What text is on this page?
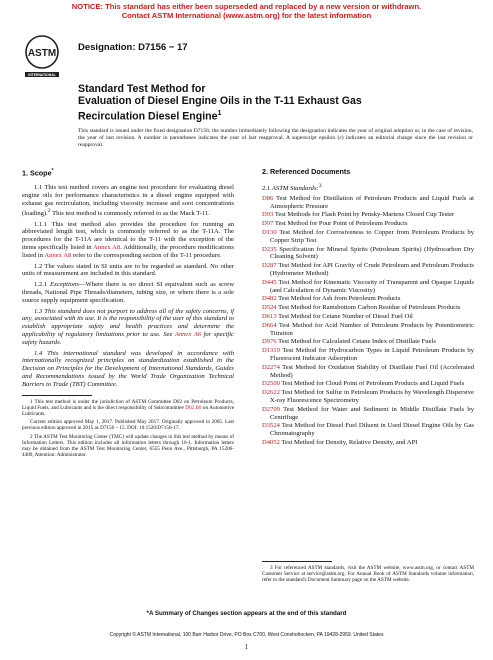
NOTICE: This standard has either been superseded and replaced by a new version or withdrawn.
Contact ASTM International (www.astm.org) for the latest information
ASTM
INTERNATIONAL
Designation: D7156 − 17
Standard Test Method for
Evaluation of Diesel Engine Oils in the T-11 Exhaust Gas
Recirculation Diesel Engine$^1$
This standard is issued under the fixed designation D7156; the number immediately following the designation indicates the year of original adoption or, in the case of revision, the year of last revision. A number in parentheses indicates the year of last reapproval. A superscript epsilon (ε) indicates an editorial change since the last revision or reapproval.
1. Scope*

1.1 This test method covers an engine test procedure for evaluating diesel engine oils for performance characteristics in a diesel engine equipped with exhaust gas recirculation, including viscosity increase and soot concentrations (loading).$^2$ This test method is commonly referred to as the Mack T-11.

1.1.1 This test method also provides the procedure for running an abbreviated length test, which is commonly referred to as the T-11A. The procedures for the T-11A are identical to the T-11 with the exception of the items specifically listed in Annex A8. Additionally, the procedure modifications listed in Annex A8 refer to the corresponding section of the T-11 procedure.

1.2 The values stated in SI units are to be regarded as standard. No other units of measurement are included in this standard.

1.2.1 Exceptions—Where there is no direct SI equivalent such as screw threads, National Pipe Threads/diameters, tubing size, or where there is a sole source supply equipment specification.

1.3 This standard does not purport to address all of the safety concerns, if any, associated with its use. It is the responsibility of the user of this standard to establish appropriate safety and health practices and determine the applicability of regulatory limitations prior to use. See Annex A6 for specific safety hazards.

1.4 This international standard was developed in accordance with internationally recognized principles on standardization established in the Decision on Principles for the Development of International Standards, Guides and Recommendations issued by the World Trade Organization Technical Barriers to Trade (TBT) Committee.

1 This test method is under the jurisdiction of ASTM Committee D02 on Petroleum Products, Liquid Fuels, and Lubricants and is the direct responsibility of Subcommittee D02.B0 on Automotive Lubricants.

Current edition approved May 1, 2017. Published May 2017. Originally approved in 2005. Last previous edition approved in 2015 as D7156 – 15. DOI: 10.1520/D7156-17.

2 The ASTM Test Monitoring Center (TMC) will update changes in this test method by means of Information Letters. This edition includes all information letters through 16-1. Information letters may be obtained from the ASTM Test Monitoring Center, 6555 Penn Ave., Pittsburgh, PA 15206-4489, Attention: Administrator.

2. Referenced Documents

2.1 ASTM Standards:$^3$

D86 Test Method for Distillation of Petroleum Products and Liquid Fuels at Atmospheric Pressure

D93 Test Methods for Flash Point by Pensky-Martens Closed Cup Tester

D97 Test Method for Pour Point of Petroleum Products

D130 Test Method for Corrosiveness to Copper from Petroleum Products by Copper Strip Test

D235 Specification for Mineral Spirits (Petroleum Spirits) (Hydrocarbon Dry Cleaning Solvent)

D287 Test Method for API Gravity of Crude Petroleum and Petroleum Products (Hydrometer Method)

D445 Test Method for Kinematic Viscosity of Transparent and Opaque Liquids (and Calculation of Dynamic Viscosity)

D482 Test Method for Ash from Petroleum Products

D524 Test Method for Ramsbottom Carbon Residue of Petroleum Products

D613 Test Method for Cetane Number of Diesel Fuel Oil

D664 Test Method for Acid Number of Petroleum Products by Potentiometric Titration

D976 Test Method for Calculated Cetane Index of Distillate Fuels

D1319 Test Method for Hydrocarbon Types in Liquid Petroleum Products by Fluorescent Indicator Adsorption

D2274 Test Method for Oxidation Stability of Distillate Fuel Oil (Accelerated Method)

D2500 Test Method for Cloud Point of Petroleum Products and Liquid Fuels

D2622 Test Method for Sulfur in Petroleum Products by Wavelength Dispersive X-ray Fluorescence Spectrometry

D2709 Test Method for Water and Sediment in Middle Distillate Fuels by Centrifuge

D3524 Test Method for Diesel Fuel Diluent in Used Diesel Engine Oils by Gas Chromatography

D4052 Test Method for Density, Relative Density, and API

3 For referenced ASTM standards, visit the ASTM website, www.astm.org, or contact ASTM Customer Service at service@astm.org. For Annual Book of ASTM Standards volume information, refer to the standard's Document Summary page on the ASTM website.

*A Summary of Changes section appears at the end of this standard
Copyright © ASTM International, 100 Barr Harbor Drive, PO Box C700, West Conshohocken, PA 19428-2959. United States
1
